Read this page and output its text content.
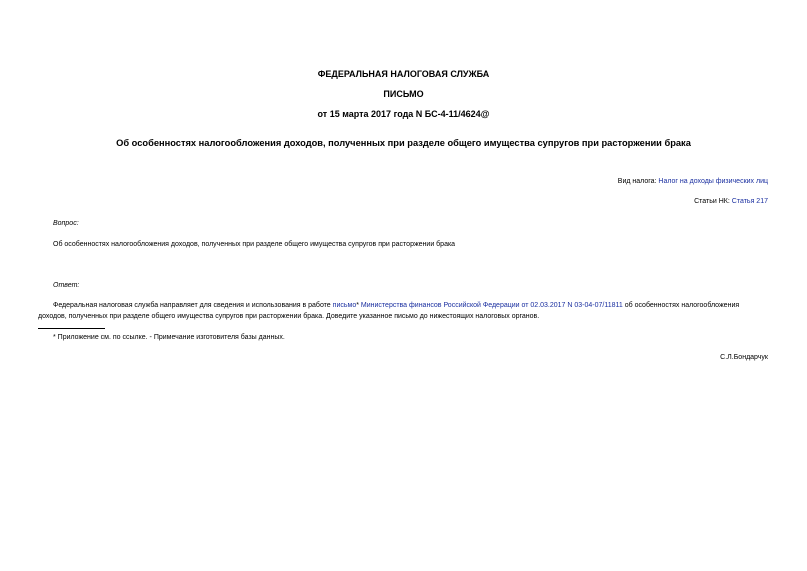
ФЕДЕРАЛЬНАЯ НАЛОГОВАЯ СЛУЖБА
ПИСЬМО
от 15 марта 2017 года N БС-4-11/4624@
Об особенностях налогообложения доходов, полученных при разделе общего имущества супругов при расторжении брака
Вид налога: Налог на доходы физических лиц
Статьи НК: Статья 217
Вопрос:
Об особенностях налогообложения доходов, полученных при разделе общего имущества супругов при расторжении брака
Ответ:
Федеральная налоговая служба направляет для сведения и использования в работе письмо* Министерства финансов Российской Федерации от 02.03.2017 N 03-04-07/11811 об особенностях налогообложения
доходов, полученных при разделе общего имущества супругов при расторжении брака. Доведите указанное письмо до нижестоящих налоговых органов.
* Приложение см. по ссылке. - Примечание изготовителя базы данных.
С.Л.Бондарчук
